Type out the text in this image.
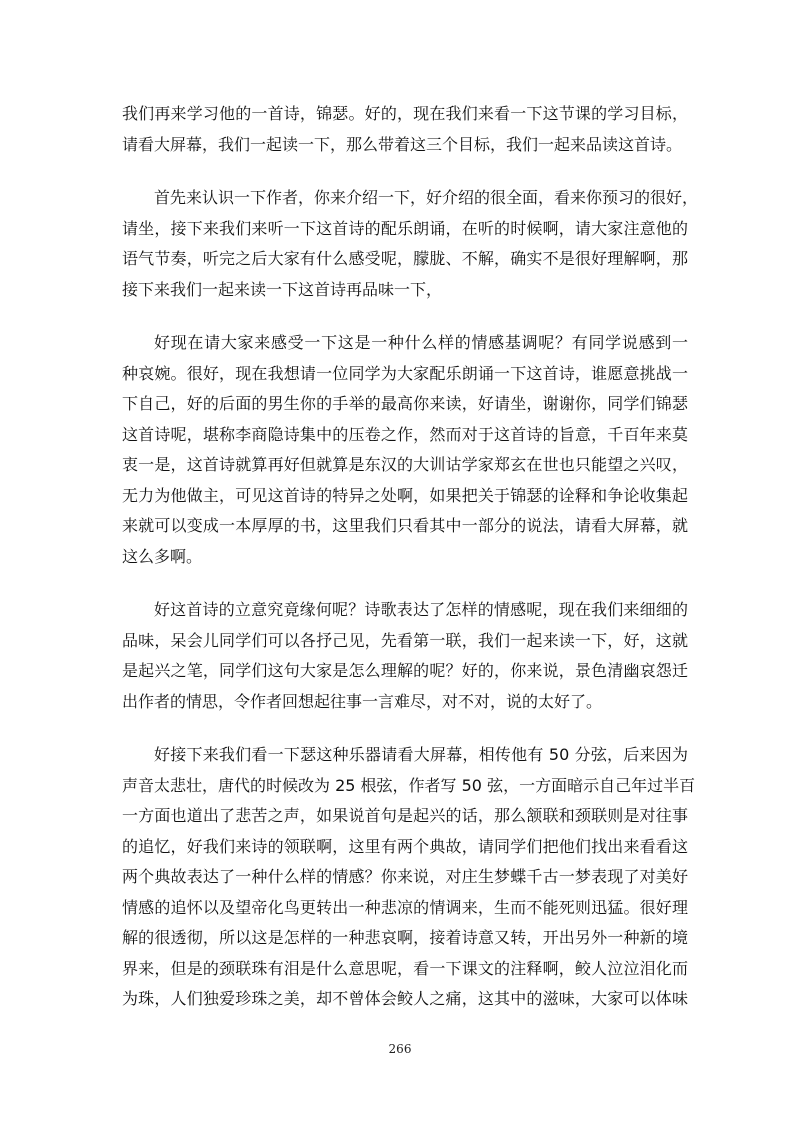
我们再来学习他的一首诗，锦瑟。好的，现在我们来看一下这节课的学习目标，
请看大屏幕，我们一起读一下，那么带着这三个目标，我们一起来品读这首诗。
首先来认识一下作者，你来介绍一下，好介绍的很全面，看来你预习的很好，
请坐，接下来我们来听一下这首诗的配乐朗诵，在听的时候啊，请大家注意他的
语气节奏，听完之后大家有什么感受呢，朦胧、不解，确实不是很好理解啊，那
接下来我们一起来读一下这首诗再品味一下，
好现在请大家来感受一下这是一种什么样的情感基调呢？有同学说感到一
种哀婉。很好，现在我想请一位同学为大家配乐朗诵一下这首诗，谁愿意挑战一
下自己，好的后面的男生你的手举的最高你来读，好请坐，谢谢你，同学们锦瑟
这首诗呢，堪称李商隐诗集中的压卷之作，然而对于这首诗的旨意，千百年来莫
衷一是，这首诗就算再好但就算是东汉的大训诂学家郑玄在世也只能望之兴叹，
无力为他做主，可见这首诗的特异之处啊，如果把关于锦瑟的诠释和争论收集起
来就可以变成一本厚厚的书，这里我们只看其中一部分的说法，请看大屏幕，就
这么多啊。
好这首诗的立意究竟缘何呢？诗歌表达了怎样的情感呢，现在我们来细细的
品味，呆会儿同学们可以各抒己见，先看第一联，我们一起来读一下，好，这就
是起兴之笔，同学们这句大家是怎么理解的呢？好的，你来说，景色清幽哀怨迁
出作者的情思，令作者回想起往事一言难尽，对不对，说的太好了。
好接下来我们看一下瑟这种乐器请看大屏幕，相传他有 50 分弦，后来因为
声音太悲壮，唐代的时候改为 25 根弦，作者写 50 弦，一方面暗示自己年过半百
一方面也道出了悲苦之声，如果说首句是起兴的话，那么颔联和颈联则是对往事
的追忆，好我们来诗的领联啊，这里有两个典故，请同学们把他们找出来看看这
两个典故表达了一种什么样的情感？你来说，对庄生梦蝶千古一梦表现了对美好
情感的追怀以及望帝化鸟更转出一种悲凉的情调来，生而不能死则迅猛。很好理
解的很透彻，所以这是怎样的一种悲哀啊，接着诗意又转，开出另外一种新的境
界来，但是的颈联珠有泪是什么意思呢，看一下课文的注释啊，鲛人泣泣泪化而
为珠，人们独爱珍珠之美，却不曾体会鲛人之痛，这其中的滋味，大家可以体味
266
